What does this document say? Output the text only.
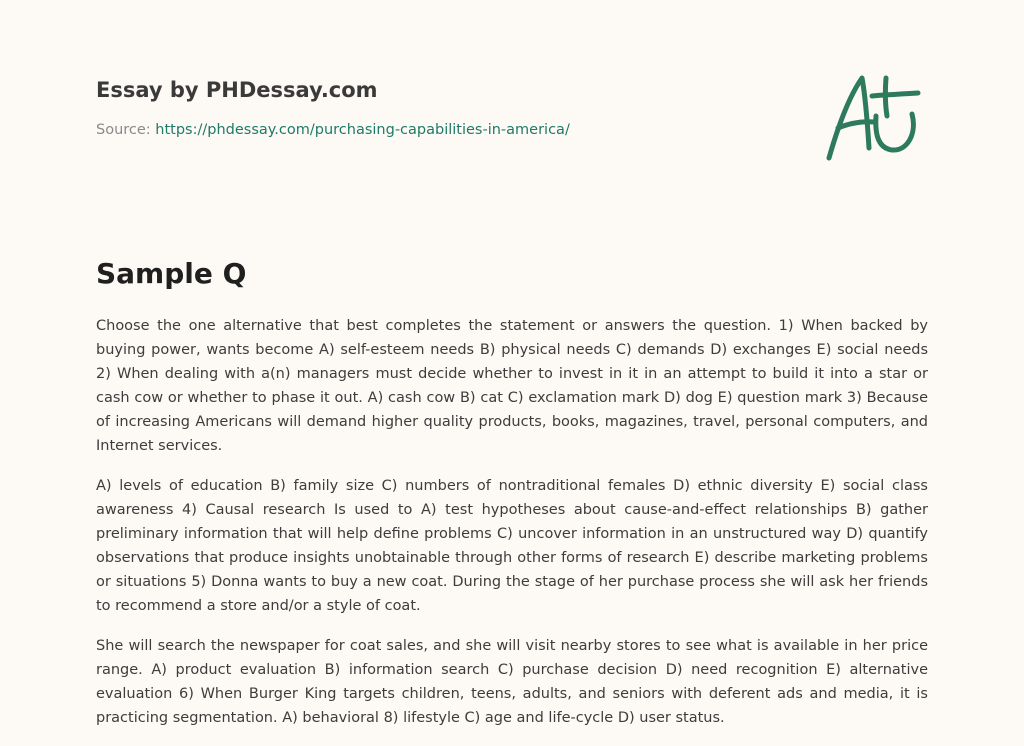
Essay by PHDessay.com
Source: https://phdessay.com/purchasing-capabilities-in-america/
Sample Q

Choose the one alternative that best completes the statement or answers the question. 1) When backed by buying power, wants become A) self-esteem needs B) physical needs C) demands D) exchanges E) social needs 2) When dealing with a(n) managers must decide whether to invest in it in an attempt to build it into a star or cash cow or whether to phase it out. A) cash cow B) cat C) exclamation mark D) dog E) question mark 3) Because of increasing Americans will demand higher quality products, books, magazines, travel, personal computers, and Internet services.

A) levels of education B) family size C) numbers of nontraditional females D) ethnic diversity E) social class awareness 4) Causal research Is used to A) test hypotheses about cause-and-effect relationships B) gather preliminary information that will help define problems C) uncover information in an unstructured way D) quantify observations that produce insights unobtainable through other forms of research E) describe marketing problems or situations 5) Donna wants to buy a new coat. During the stage of her purchase process she will ask her friends to recommend a store and/or a style of coat.

She will search the newspaper for coat sales, and she will visit nearby stores to see what is available in her price range. A) product evaluation B) information search C) purchase decision D) need recognition E) alternative evaluation 6) When Burger King targets children, teens, adults, and seniors with deferent ads and media, it is practicing segmentation. A) behavioral 8) lifestyle C) age and life-cycle D) user status.
